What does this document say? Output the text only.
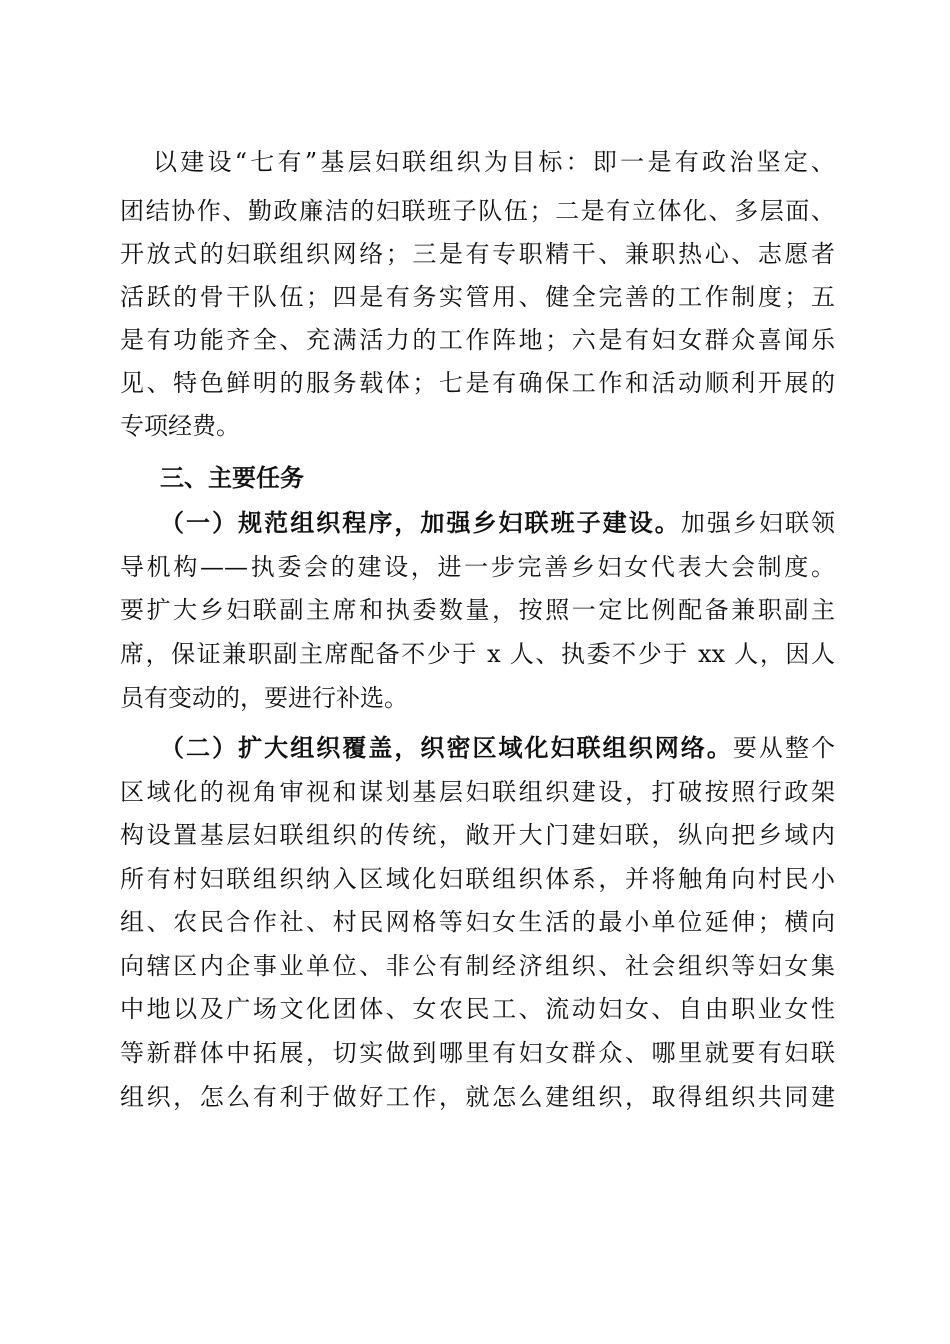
以建设“七有”基层妇联组织为目标：即一是有政治坚定、
团结协作、勤政廉洁的妇联班子队伍；二是有立体化、多层面、
开放式的妇联组织网络；三是有专职精干、兼职热心、志愿者
活跃的骨干队伍；四是有务实管用、健全完善的工作制度；五
是有功能齐全、充满活力的工作阵地；六是有妇女群众喜闻乐
见、特色鲜明的服务载体；七是有确保工作和活动顺利开展的
专项经费。
三、主要任务
（一）规范组织程序，加强乡妇联班子建设。加强乡妇联领
导机构——执委会的建设，进一步完善乡妇女代表大会制度。
要扩大乡妇联副主席和执委数量，按照一定比例配备兼职副主
席，保证兼职副主席配备不少于 x 人、执委不少于 xx 人，因人
员有变动的，要进行补选。
（二）扩大组织覆盖，织密区域化妇联组织网络。要从整个
区域化的视角审视和谋划基层妇联组织建设，打破按照行政架
构设置基层妇联组织的传统，敞开大门建妇联，纵向把乡域内
所有村妇联组织纳入区域化妇联组织体系，并将触角向村民小
组、农民合作社、村民网格等妇女生活的最小单位延伸；横向
向辖区内企事业单位、非公有制经济组织、社会组织等妇女集
中地以及广场文化团体、女农民工、流动妇女、自由职业女性
等新群体中拓展，切实做到哪里有妇女群众、哪里就要有妇联
组织，怎么有利于做好工作，就怎么建组织，取得组织共同建
